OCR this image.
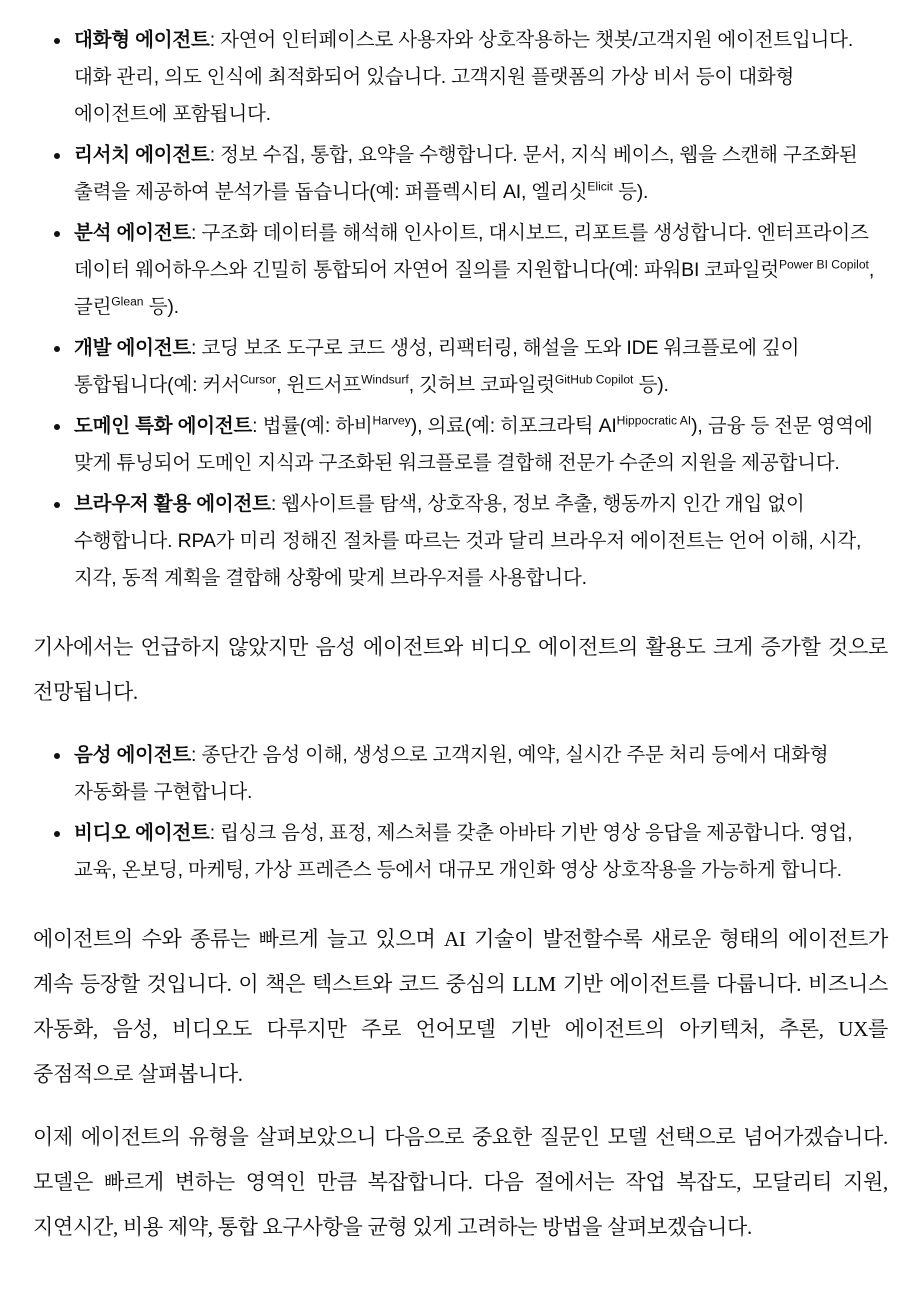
대화형 에이전트: 자연어 인터페이스로 사용자와 상호작용하는 챗봇/고객지원 에이전트입니다. 대화 관리, 의도 인식에 최적화되어 있습니다. 고객지원 플랫폼의 가상 비서 등이 대화형 에이전트에 포함됩니다.
리서치 에이전트: 정보 수집, 통합, 요약을 수행합니다. 문서, 지식 베이스, 웹을 스캔해 구조화된 출력을 제공하여 분석가를 돕습니다(예: 퍼플렉시티 AI, 엘리싯$^{Elicit}$ 등).
분석 에이전트: 구조화 데이터를 해석해 인사이트, 대시보드, 리포트를 생성합니다. 엔터프라이즈 데이터 웨어하우스와 긴밀히 통합되어 자연어 질의를 지원합니다(예: 파워BI 코파일럿$^{Power BI Copilot}$, 글린$^{Glean}$ 등).
개발 에이전트: 코딩 보조 도구로 코드 생성, 리팩터링, 해설을 도와 IDE 워크플로에 깊이 통합됩니다(예: 커서$^{Cursor}$, 윈드서프$^{Windsurf}$, 깃허브 코파일럿$^{GitHub Copilot}$ 등).
도메인 특화 에이전트: 법률(예: 하비$^{Harvey}$), 의료(예: 히포크라틱 $AI^{Hippocratic AI}$), 금융 등 전문 영역에 맞게 튜닝되어 도메인 지식과 구조화된 워크플로를 결합해 전문가 수준의 지원을 제공합니다.
브라우저 활용 에이전트: 웹사이트를 탐색, 상호작용, 정보 추출, 행동까지 인간 개입 없이 수행합니다. RPA가 미리 정해진 절차를 따르는 것과 달리 브라우저 에이전트는 언어 이해, 시각, 지각, 동적 계획을 결합해 상황에 맞게 브라우저를 사용합니다.

기사에서는 언급하지 않았지만 음성 에이전트와 비디오 에이전트의 활용도 크게 증가할 것으로 전망됩니다.

음성 에이전트: 종단간 음성 이해, 생성으로 고객지원, 예약, 실시간 주문 처리 등에서 대화형 자동화를 구현합니다.
비디오 에이전트: 립싱크 음성, 표정, 제스처를 갖춘 아바타 기반 영상 응답을 제공합니다. 영업, 교육, 온보딩, 마케팅, 가상 프레즌스 등에서 대규모 개인화 영상 상호작용을 가능하게 합니다.

에이전트의 수와 종류는 빠르게 늘고 있으며 AI 기술이 발전할수록 새로운 형태의 에이전트가 계속 등장할 것입니다. 이 책은 텍스트와 코드 중심의 LLM 기반 에이전트를 다룹니다. 비즈니스 자동화, 음성, 비디오도 다루지만 주로 언어모델 기반 에이전트의 아키텍처, 추론, UX를 중점적으로 살펴봅니다.

이제 에이전트의 유형을 살펴보았으니 다음으로 중요한 질문인 모델 선택으로 넘어가겠습니다. 모델은 빠르게 변하는 영역인 만큼 복잡합니다. 다음 절에서는 작업 복잡도, 모달리티 지원, 지연시간, 비용 제약, 통합 요구사항을 균형 있게 고려하는 방법을 살펴보겠습니다.
